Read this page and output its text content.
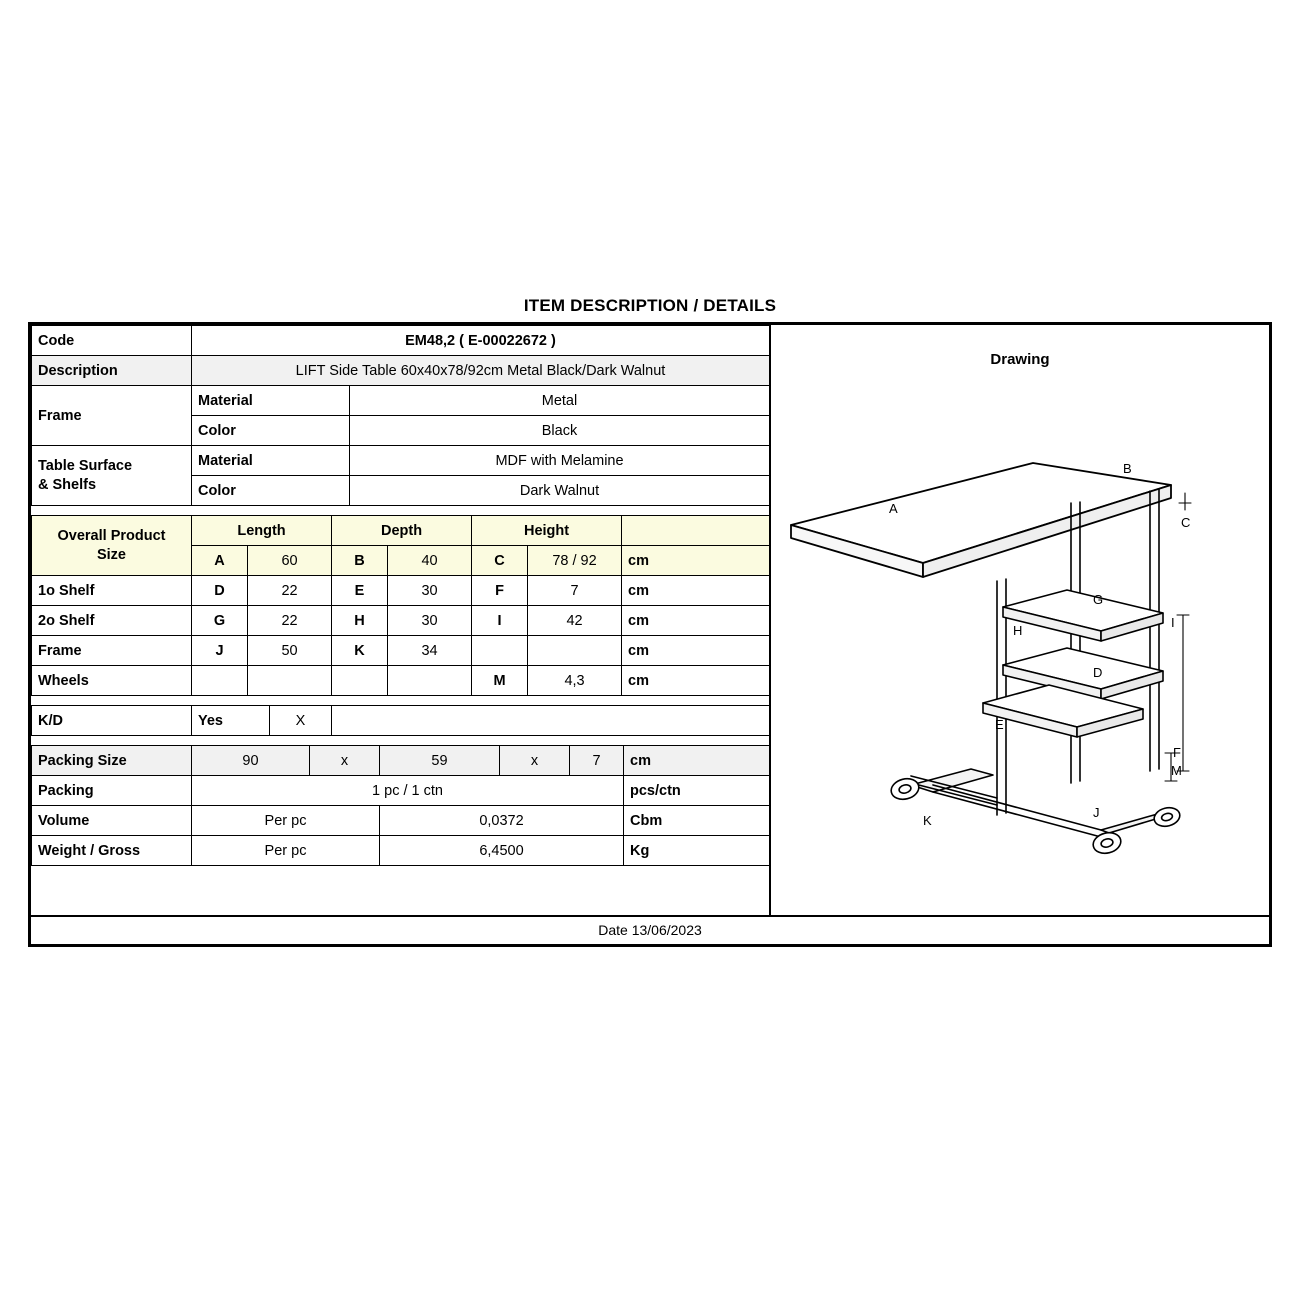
ITEM DESCRIPTION / DETAILS
Code	EM48,2 ( E-00022672 )	
Description	LIFT Side Table 60x40x78/92cm Metal Black/Dark Walnut	
Frame	Material	Metal
	Color	Black
Table Surface
& Shelfs	Material	MDF with Melamine
	Color	Dark Walnut
Overall Product
Size	Length		Depth		Height		
	A	60	B	40	C	78 / 92	cm
1o Shelf	D	22	E	30	F	7	cm
2o Shelf	G	22	H	30	I	42	cm
Frame	J	50	K	34			cm
Wheels					M	4,3	cm
K/D	Yes	X	
Packing Size	90	x	59	x	7	cm
Packing	1 pc / 1 ctn					pcs/ctn
Volume	Per pc		0,0372			Cbm
Weight / Gross	Per pc		6,4500			Kg
Drawing
A
B
C
G
H
I
D
E
F
M
K
J
Date 13/06/2023
